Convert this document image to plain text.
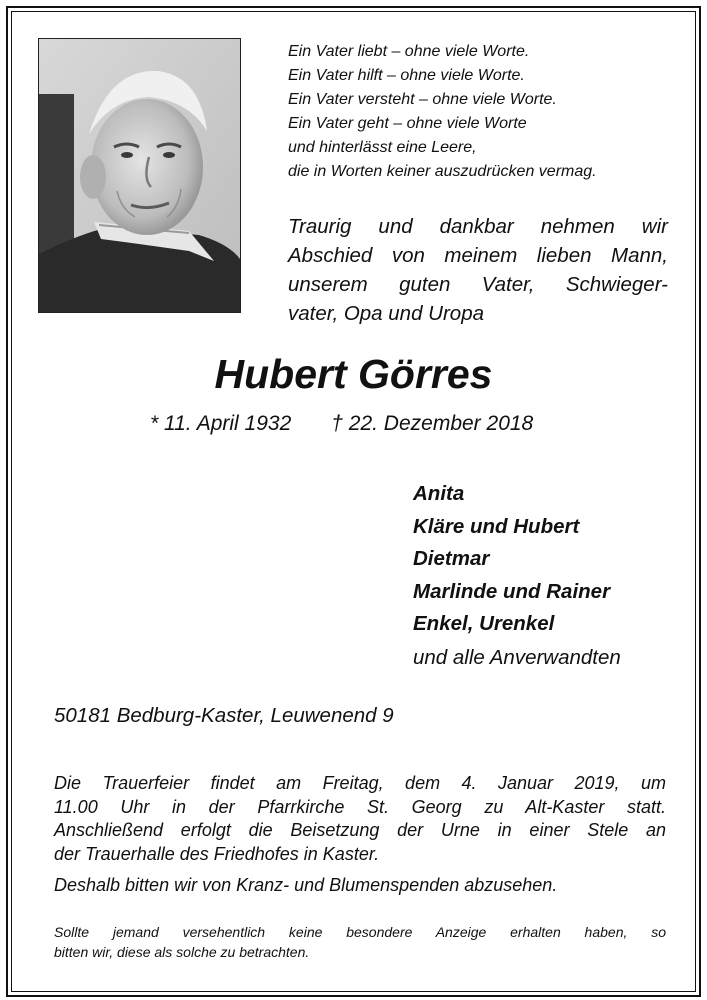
Ein Vater liebt – ohne viele Worte.
Ein Vater hilft – ohne viele Worte.
Ein Vater versteht – ohne viele Worte.
Ein Vater geht – ohne viele Worte
und hinterlässt eine Leere,
die in Worten keiner auszudrücken vermag.
Traurig und dankbar nehmen wir
Abschied von meinem lieben Mann,
unserem guten Vater, Schwieger-
vater, Opa und Uropa
Hubert Görres
* 11. April 1932 † 22. Dezember 2018
Anita
Kläre und Hubert
Dietmar
Marlinde und Rainer
Enkel, Urenkel
und alle Anverwandten
50181 Bedburg-Kaster, Leuwenend 9
Die Trauerfeier findet am Freitag, dem 4. Januar 2019, um
11.00 Uhr in der Pfarrkirche St. Georg zu Alt-Kaster statt.
Anschließend erfolgt die Beisetzung der Urne in einer Stele an
der Trauerhalle des Friedhofes in Kaster.
Deshalb bitten wir von Kranz- und Blumenspenden abzusehen.
Sollte jemand versehentlich keine besondere Anzeige erhalten haben, so
bitten wir, diese als solche zu betrachten.
